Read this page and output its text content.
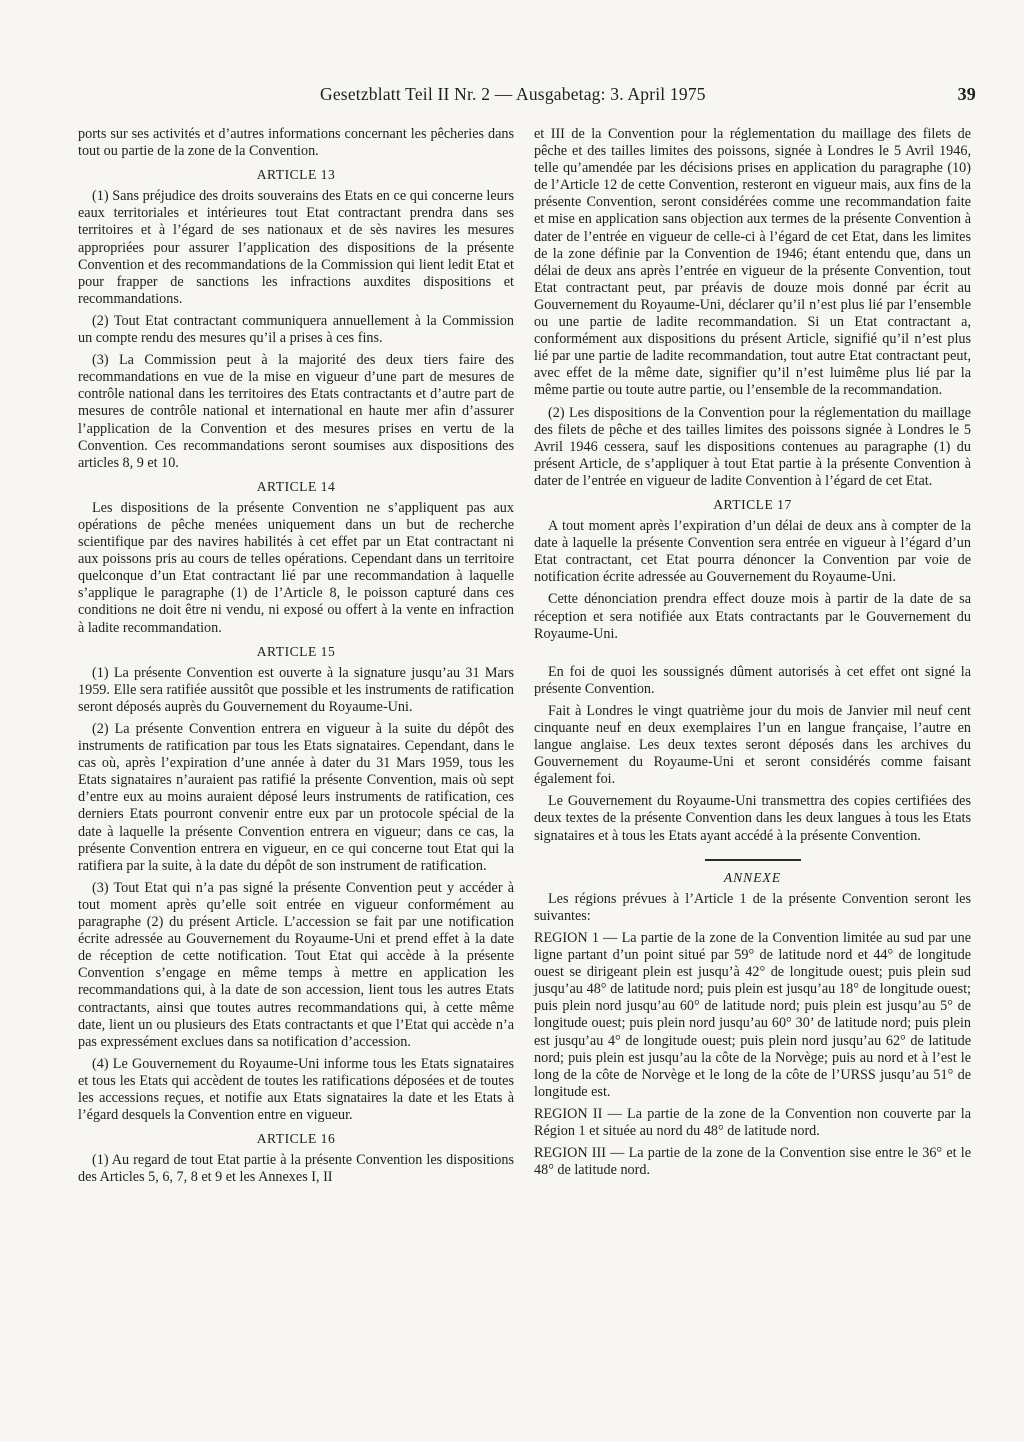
Gesetzblatt Teil II Nr. 2 — Ausgabetag: 3. April 1975	39

ports sur ses activités et d’autres informations concernant les pêcheries dans tout ou partie de la zone de la Convention.

ARTICLE 13

(1) Sans préjudice des droits souverains des Etats en ce qui concerne leurs eaux territoriales et intérieures tout Etat contractant prendra dans ses territoires et à l’égard de ses nationaux et de sès navires les mesures appropriées pour assurer l’application des dispositions de la présente Convention et des recommandations de la Commission qui lient ledit Etat et pour frapper de sanctions les infractions auxdites dispositions et recommandations.

(2) Tout Etat contractant communiquera annuellement à la Commission un compte rendu des mesures qu’il a prises à ces fins.

(3) La Commission peut à la majorité des deux tiers faire des recommandations en vue de la mise en vigueur d’une part de mesures de contrôle national dans les territoires des Etats contractants et d’autre part de mesures de contrôle national et international en haute mer afin d’assurer l’application de la Convention et des mesures prises en vertu de la Convention. Ces recommandations seront soumises aux dispositions des articles 8, 9 et 10.

ARTICLE 14

Les dispositions de la présente Convention ne s’appliquent pas aux opérations de pêche menées uniquement dans un but de recherche scientifique par des navires habilités à cet effet par un Etat contractant ni aux poissons pris au cours de telles opérations. Cependant dans un territoire quelconque d’un Etat contractant lié par une recommandation à laquelle s’applique le paragraphe (1) de l’Article 8, le poisson capturé dans ces conditions ne doit être ni vendu, ni exposé ou offert à la vente en infraction à ladite recommandation.

ARTICLE 15

(1) La présente Convention est ouverte à la signature jusqu’au 31 Mars 1959. Elle sera ratifiée aussitôt que possible et les instruments de ratification seront déposés auprès du Gouvernement du Royaume-Uni.

(2) La présente Convention entrera en vigueur à la suite du dépôt des instruments de ratification par tous les Etats signataires. Cependant, dans le cas où, après l’expiration d’une année à dater du 31 Mars 1959, tous les Etats signataires n’auraient pas ratifié la présente Convention, mais où sept d’entre eux au moins auraient déposé leurs instruments de ratification, ces derniers Etats pourront convenir entre eux par un protocole spécial de la date à laquelle la présente Convention entrera en vigueur; dans ce cas, la présente Convention entrera en vigueur, en ce qui concerne tout Etat qui la ratifiera par la suite, à la date du dépôt de son instrument de ratification.

(3) Tout Etat qui n’a pas signé la présente Convention peut y accéder à tout moment après qu’elle soit entrée en vigueur conformément au paragraphe (2) du présent Article. L’accession se fait par une notification écrite adressée au Gouvernement du Royaume-Uni et prend effet à la date de réception de cette notification. Tout Etat qui accède à la présente Convention s’engage en même temps à mettre en application les recommandations qui, à la date de son accession, lient tous les autres Etats contractants, ainsi que toutes autres recommandations qui, à cette même date, lient un ou plusieurs des Etats contractants et que l’Etat qui accède n’a pas expressément exclues dans sa notification d’accession.

(4) Le Gouvernement du Royaume-Uni informe tous les Etats signataires et tous les Etats qui accèdent de toutes les ratifications déposées et de toutes les accessions reçues, et notifie aux Etats signataires la date et les Etats à l’égard desquels la Convention entre en vigueur.

ARTICLE 16

(1) Au regard de tout Etat partie à la présente Convention les dispositions des Articles 5, 6, 7, 8 et 9 et les Annexes I, II

et III de la Convention pour la réglementation du maillage des filets de pêche et des tailles limites des poissons, signée à Londres le 5 Avril 1946, telle qu’amendée par les décisions prises en application du paragraphe (10) de l’Article 12 de cette Convention, resteront en vigueur mais, aux fins de la présente Convention, seront considérées comme une recommandation faite et mise en application sans objection aux termes de la présente Convention à dater de l’entrée en vigueur de celle-ci à l’égard de cet Etat, dans les limites de la zone définie par la Convention de 1946; étant entendu que, dans un délai de deux ans après l’entrée en vigueur de la présente Convention, tout Etat contractant peut, par préavis de douze mois donné par écrit au Gouvernement du Royaume-Uni, déclarer qu’il n’est plus lié par l’ensemble ou une partie de ladite recommandation. Si un Etat contractant a, conformément aux dispositions du présent Article, signifié qu’il n’est plus lié par une partie de ladite recommandation, tout autre Etat contractant peut, avec effet de la même date, signifier qu’il n’est luimême plus lié par la même partie ou toute autre partie, ou l’ensemble de la recommandation.

(2) Les dispositions de la Convention pour la réglementation du maillage des filets de pêche et des tailles limites des poissons signée à Londres le 5 Avril 1946 cessera, sauf les dispositions contenues au paragraphe (1) du présent Article, de s’appliquer à tout Etat partie à la présente Convention à dater de l’entrée en vigueur de ladite Convention à l’égard de cet Etat.

ARTICLE 17

A tout moment après l’expiration d’un délai de deux ans à compter de la date à laquelle la présente Convention sera entrée en vigueur à l’égard d’un Etat contractant, cet Etat pourra dénoncer la Convention par voie de notification écrite adressée au Gouvernement du Royaume-Uni.

Cette dénonciation prendra effect douze mois à partir de la date de sa réception et sera notifiée aux Etats contractants par le Gouvernement du Royaume-Uni.

En foi de quoi les soussignés dûment autorisés à cet effet ont signé la présente Convention.

Fait à Londres le vingt quatrième jour du mois de Janvier mil neuf cent cinquante neuf en deux exemplaires l’un en langue française, l’autre en langue anglaise. Les deux textes seront déposés dans les archives du Gouvernement du Royaume-Uni et seront considérés comme faisant également foi.

Le Gouvernement du Royaume-Uni transmettra des copies certifiées des deux textes de la présente Convention dans les deux langues à tous les Etats signataires et à tous les Etats ayant accédé à la présente Convention.

ANNEXE

Les régions prévues à l’Article 1 de la présente Convention seront les suivantes:

REGION 1 — La partie de la zone de la Convention limitée au sud par une ligne partant d’un point situé par 59° de latitude nord et 44° de longitude ouest se dirigeant plein est jusqu’à 42° de longitude ouest; puis plein sud jusqu’au 48° de latitude nord; puis plein est jusqu’au 18° de longitude ouest; puis plein nord jusqu’au 60° de latitude nord; puis plein est jusqu’au 5° de longitude ouest; puis plein nord jusqu’au 60° 30’ de latitude nord; puis plein est jusqu’au 4° de longitude ouest; puis plein nord jusqu’au 62° de latitude nord; puis plein est jusqu’au la côte de la Norvège; puis au nord et à l’est le long de la côte de Norvège et le long de la côte de l’URSS jusqu’au 51° de longitude est.

REGION II — La partie de la zone de la Convention non couverte par la Région 1 et située au nord du 48° de latitude nord.

REGION III — La partie de la zone de la Convention sise entre le 36° et le 48° de latitude nord.
